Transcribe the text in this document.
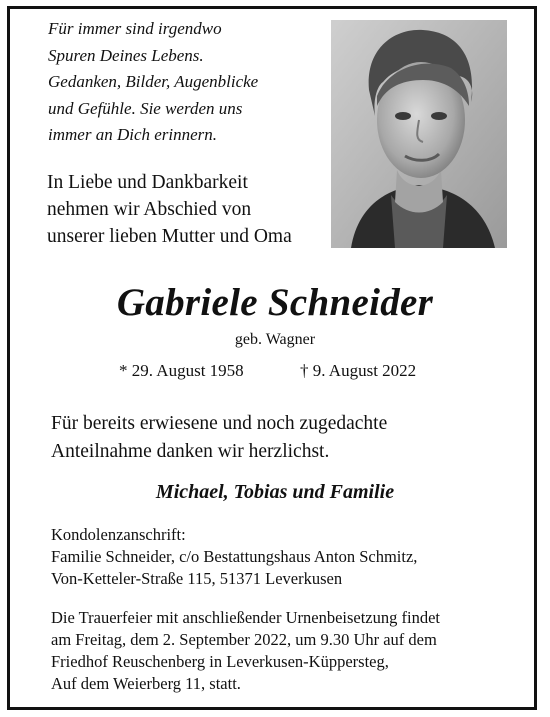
Für immer sind irgendwo
Spuren Deines Lebens.
Gedanken, Bilder, Augenblicke
und Gefühle. Sie werden uns
immer an Dich erinnern.
In Liebe und Dankbarkeit
nehmen wir Abschied von
unserer lieben Mutter und Oma
Gabriele Schneider
geb. Wagner
* 29. August 1958	† 9. August 2022
Für bereits erwiesene und noch zugedachte
Anteilnahme danken wir herzlichst.
Michael, Tobias und Familie
Kondolenzanschrift:
Familie Schneider, c/o Bestattungshaus Anton Schmitz,
Von-Ketteler-Straße 115, 51371 Leverkusen
Die Trauerfeier mit anschließender Urnenbeisetzung findet
am Freitag, dem 2. September 2022, um 9.30 Uhr auf dem
Friedhof Reuschenberg in Leverkusen-Küppersteg,
Auf dem Weierberg 11, statt.
